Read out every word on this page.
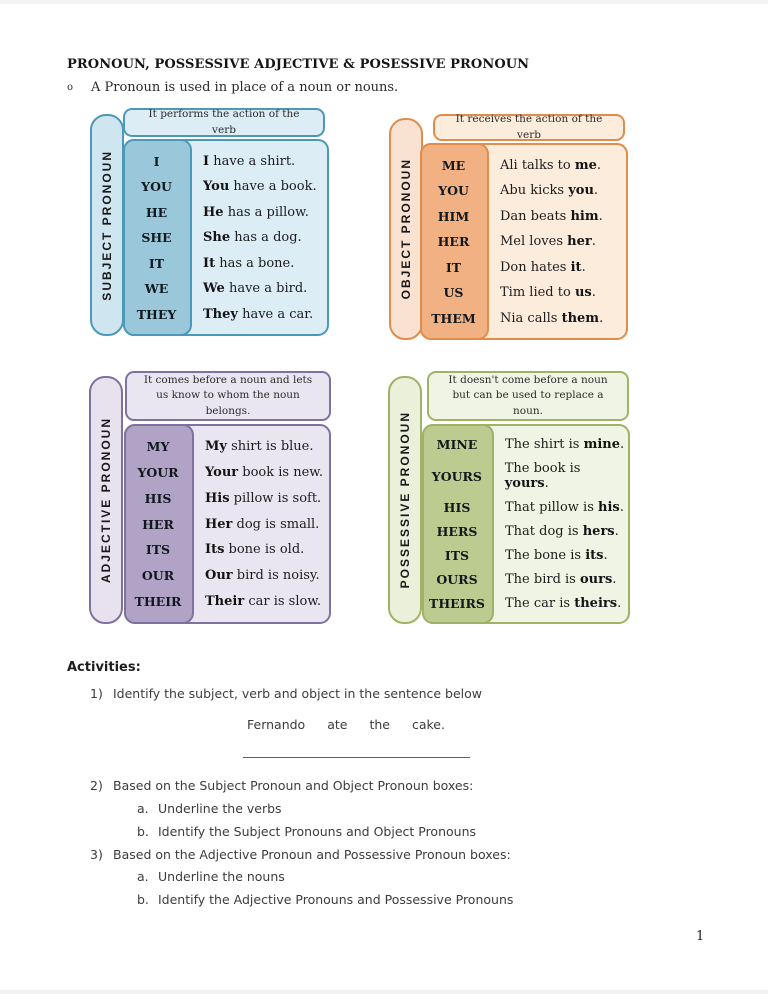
PRONOUN, POSSESSIVE ADJECTIVE & POSESSIVE PRONOUN
o A Pronoun is used in place of a noun or nouns.
SUBJECT PRONOUN
It performs the action of the verb
I	I have a shirt.
YOU	You have a book.
HE	He has a pillow.
SHE	She has a dog.
IT	It has a bone.
WE	We have a bird.
THEY	They have a car.
OBJECT PRONOUN
It receives the action of the verb
ME	Ali talks to me.
YOU	Abu kicks you.
HIM	Dan beats him.
HER	Mel loves her.
IT	Don hates it.
US	Tim lied to us.
THEM	Nia calls them.
ADJECTIVE PRONOUN
It comes before a noun and lets us know to whom the noun belongs.
MY	My shirt is blue.
YOUR	Your book is new.
HIS	His pillow is soft.
HER	Her dog is small.
ITS	Its bone is old.
OUR	Our bird is noisy.
THEIR	Their car is slow.
POSSESSIVE PRONOUN
It doesn't come before a noun but can be used to replace a noun.
MINE	The shirt is mine.
YOURS	The book is yours.
HIS	That pillow is his.
HERS	That dog is hers.
ITS	The bone is its.
OURS	The bird is ours.
THEIRS	The car is theirs.
Activities:
1) Identify the subject, verb and object in the sentence below
Fernando ate the cake.
2) Based on the Subject Pronoun and Object Pronoun boxes:
a. Underline the verbs
b. Identify the Subject Pronouns and Object Pronouns
3) Based on the Adjective Pronoun and Possessive Pronoun boxes:
a. Underline the nouns
b. Identify the Adjective Pronouns and Possessive Pronouns
1
